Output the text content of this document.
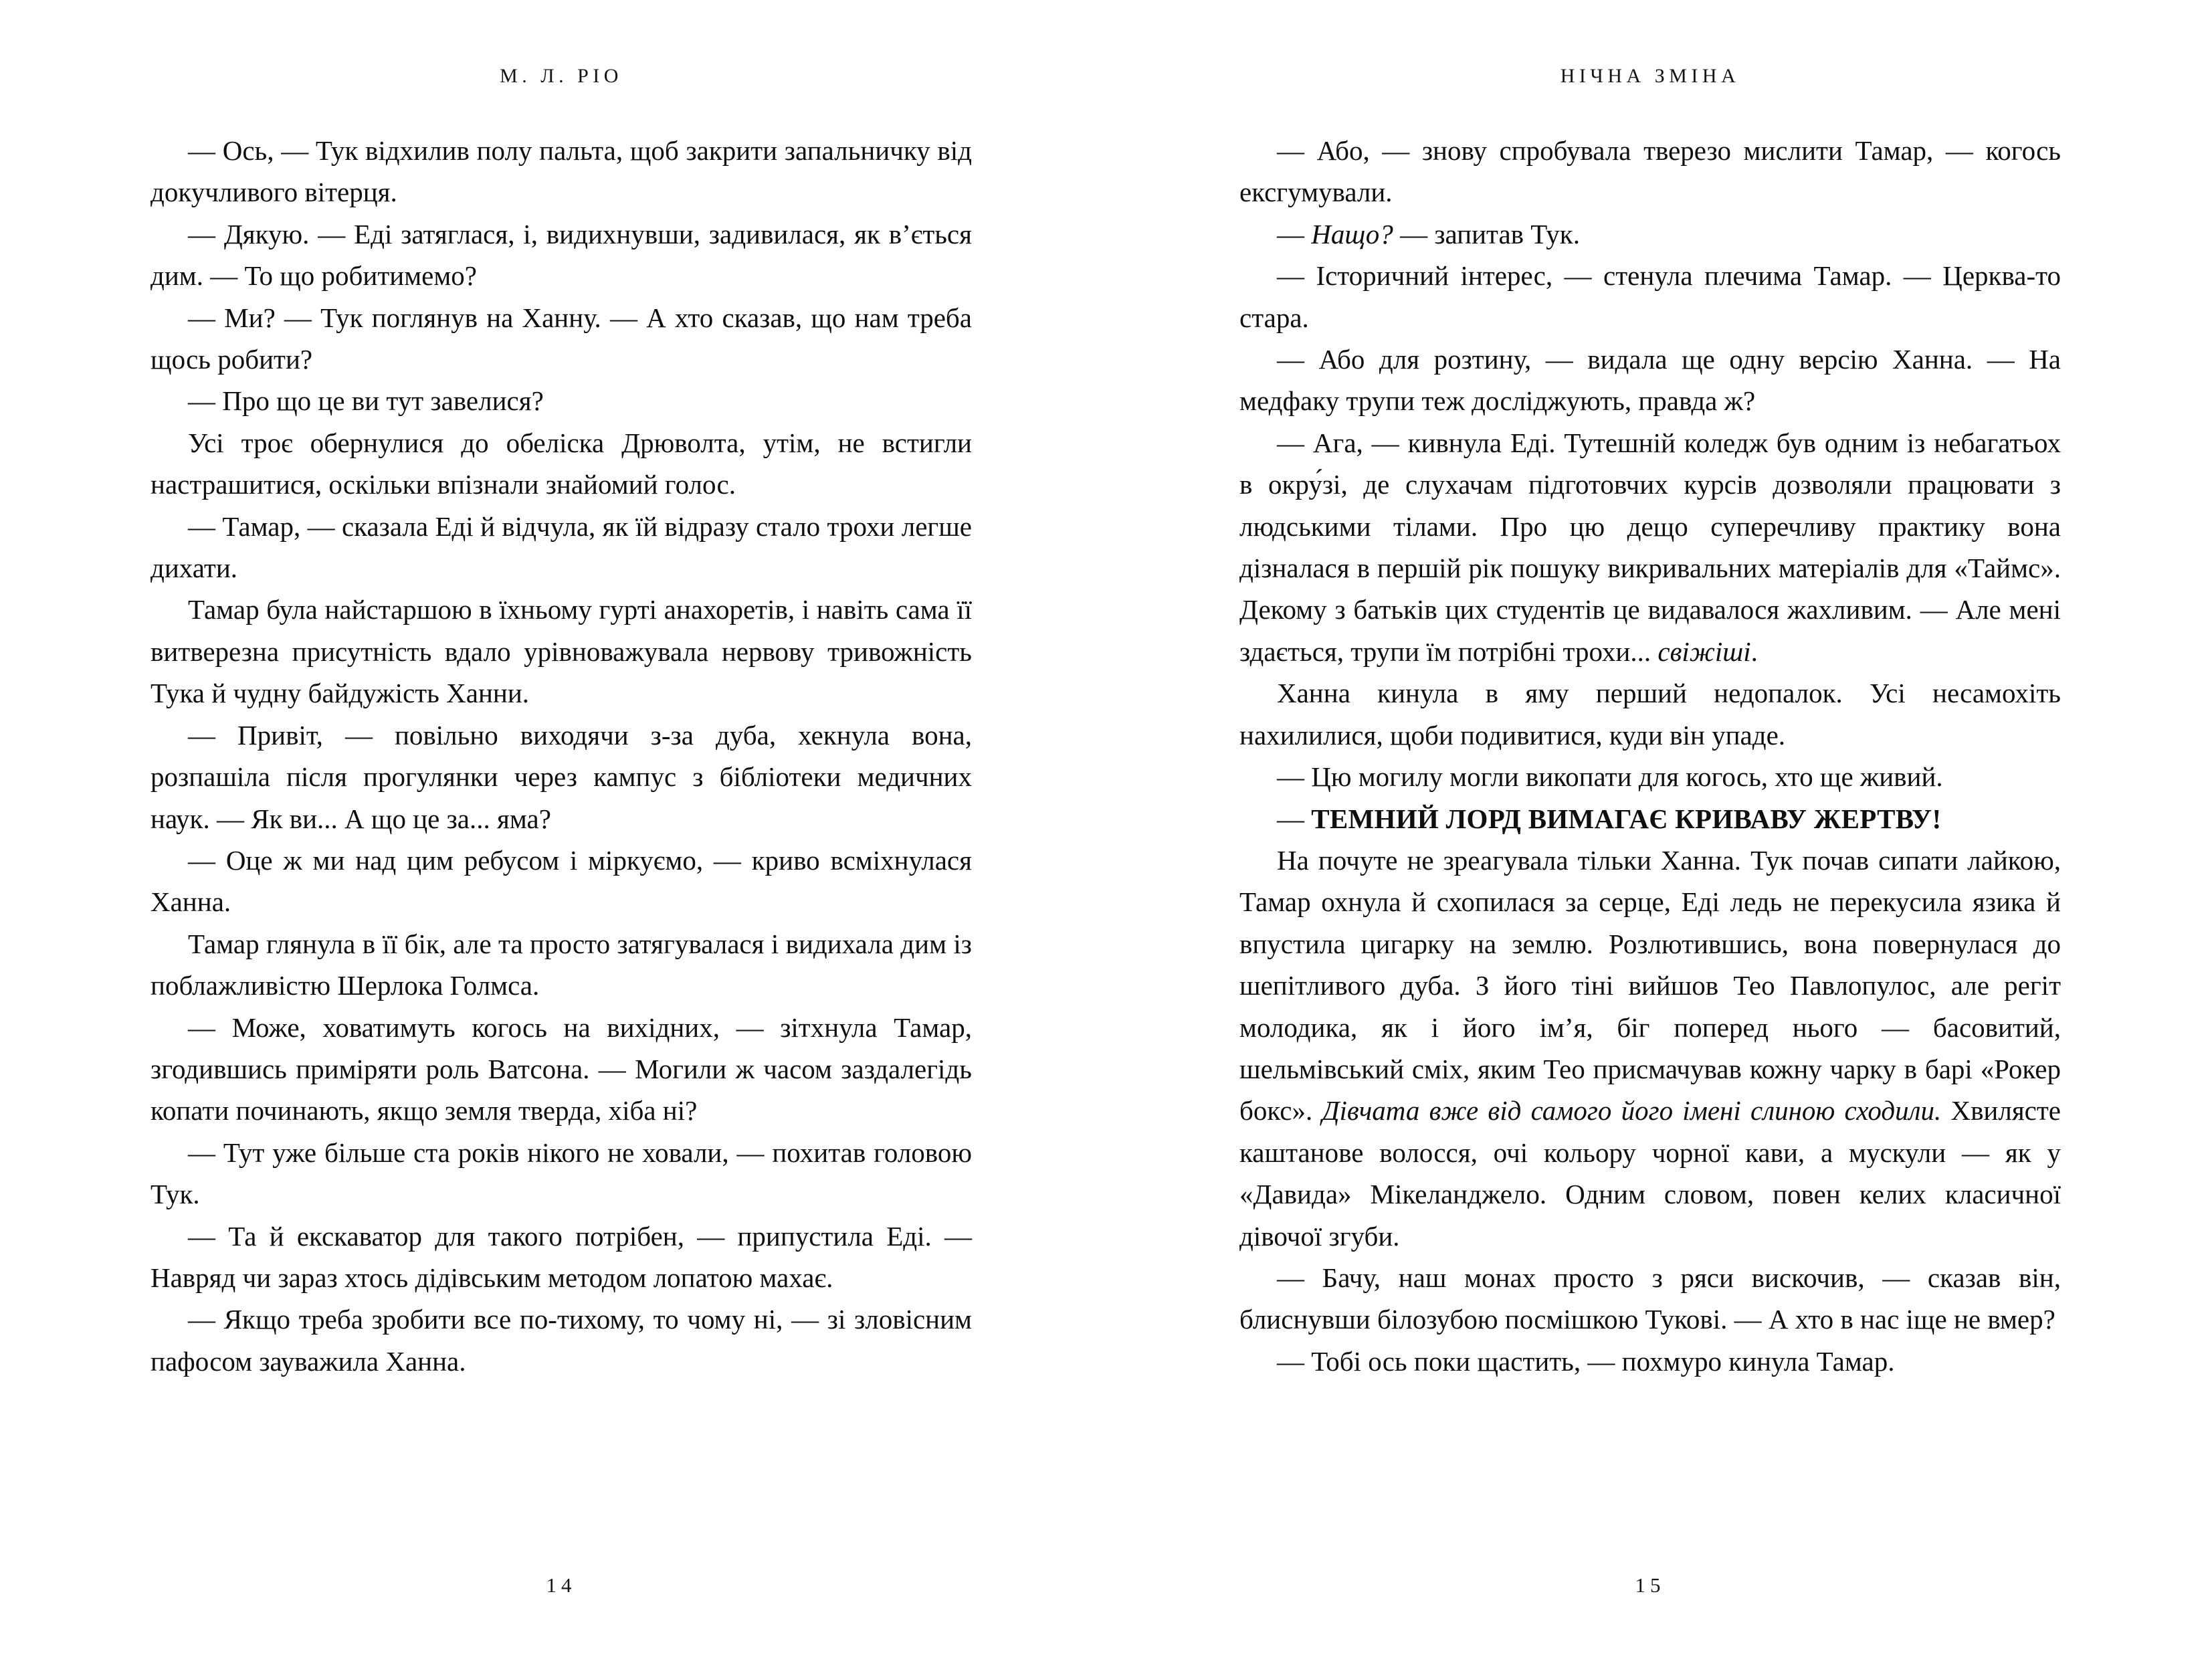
М. Л. РІО

— Ось, — Тук відхилив полу пальта, щоб закрити запальничку від докучливого вітерця.

— Дякую. — Еді затяглася, і, видихнувши, задивилася, як в’ється дим. — То що робитимемо?

— Ми? — Тук поглянув на Ханну. — А хто сказав, що нам треба щось робити?

— Про що це ви тут завелися?

Усі троє обернулися до обеліска Дрюволта, утім, не встигли настрашитися, оскільки впізнали знайомий голос.

— Тамар, — сказала Еді й відчула, як їй відразу стало трохи легше дихати.

Тамар була найстаршою в їхньому гурті анахоретів, і навіть сама її витверезна присутність вдало урівноважувала нервову тривожність Тука й чудну байдужість Ханни.

— Привіт, — повільно виходячи з-за дуба, хекнула вона, розпашіла після прогулянки через кампус з бібліотеки медичних наук. — Як ви... А що це за... яма?

— Оце ж ми над цим ребусом і міркуємо, — криво всміхнулася Ханна.

Тамар глянула в її бік, але та просто затягувалася і видихала дим із поблажливістю Шерлока Голмса.

— Може, ховатимуть когось на вихідних, — зітхнула Тамар, згодившись приміряти роль Ватсона. — Могили ж часом заздалегідь копати починають, якщо земля тверда, хіба ні?

— Тут уже більше ста років нікого не ховали, — похитав головою Тук.

— Та й екскаватор для такого потрібен, — припустила Еді. — Навряд чи зараз хтось дідівським методом лопатою махає.

— Якщо треба зробити все по-тихому, то чому ні, — зі зловісним пафосом зауважила Ханна.

14
НІЧНА ЗМІНА

— Або, — знову спробувала тверезо мислити Тамар, — когось ексгумували.

— Нащо? — запитав Тук.

— Історичний інтерес, — стенула плечима Тамар. — Церква-то стара.

— Або для розтину, — видала ще одну версію Ханна. — На медфаку трупи теж досліджують, правда ж?

— Ага, — кивнула Еді. Тутешній коледж був одним із небагатьох в окру́зі, де слухачам підготовчих курсів дозволяли працювати з людськими тілами. Про цю дещо суперечливу практику вона дізналася в першій рік пошуку викривальних матеріалів для «Таймс». Декому з батьків цих студентів це видавалося жахливим. — Але мені здається, трупи їм потрібні трохи... свіжіші.

Ханна кинула в яму перший недопалок. Усі несамохіть нахилилися, щоби подивитися, куди він упаде.

— Цю могилу могли викопати для когось, хто ще живий.

— ТЕМНИЙ ЛОРД ВИМАГАЄ КРИВАВУ ЖЕРТВУ!

На почуте не зреагувала тільки Ханна. Тук почав сипати лайкою, Тамар охнула й схопилася за серце, Еді ледь не перекусила язика й впустила цигарку на землю. Розлютившись, вона повернулася до шепітливого дуба. З його тіні вийшов Тео Павлопулос, але регіт молодика, як і його ім’я, біг поперед нього — басовитий, шельмівський сміх, яким Тео присмачував кожну чарку в барі «Рокер бокс». Дівчата вже від самого його імені слиною сходили. Хвилясте каштанове волосся, очі кольору чорної кави, а мускули — як у «Давида» Мікеланджело. Одним словом, повен келих класичної дівочої згуби.

— Бачу, наш монах просто з ряси вискочив, — сказав він, блиснувши білозубою посмішкою Тукові. — А хто в нас іще не вмер?

— Тобі ось поки щастить, — похмуро кинула Тамар.

15
